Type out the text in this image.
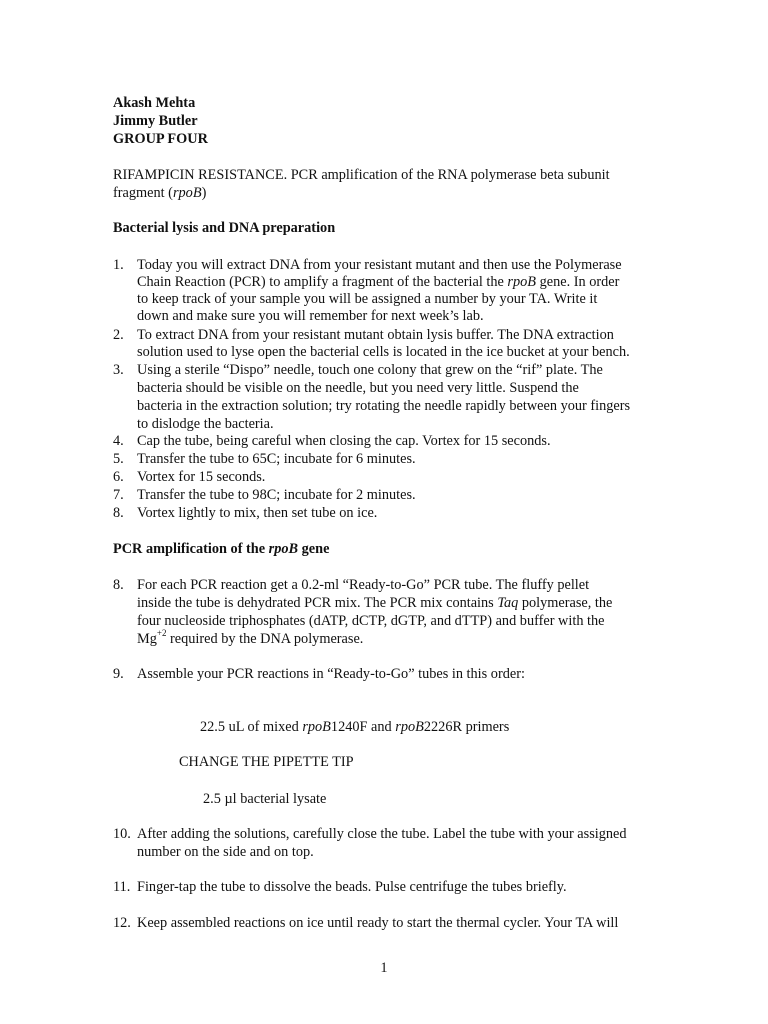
Akash Mehta
Jimmy Butler
GROUP FOUR
RIFAMPICIN RESISTANCE. PCR amplification of the RNA polymerase beta subunit
fragment (rpoB)
Bacterial lysis and DNA preparation
1. Today you will extract DNA from your resistant mutant and then use the Polymerase
Chain Reaction (PCR) to amplify a fragment of the bacterial the rpoB gene. In order
to keep track of your sample you will be assigned a number by your TA. Write it
down and make sure you will remember for next week’s lab.
2. To extract DNA from your resistant mutant obtain lysis buffer. The DNA extraction
solution used to lyse open the bacterial cells is located in the ice bucket at your bench.
3. Using a sterile “Dispo” needle, touch one colony that grew on the “rif” plate. The
bacteria should be visible on the needle, but you need very little. Suspend the
bacteria in the extraction solution; try rotating the needle rapidly between your fingers
to dislodge the bacteria.
4. Cap the tube, being careful when closing the cap. Vortex for 15 seconds.
5. Transfer the tube to 65C; incubate for 6 minutes.
6. Vortex for 15 seconds.
7. Transfer the tube to 98C; incubate for 2 minutes.
8. Vortex lightly to mix, then set tube on ice.
PCR amplification of the rpoB gene
8. For each PCR reaction get a 0.2-ml “Ready-to-Go” PCR tube. The fluffy pellet
inside the tube is dehydrated PCR mix. The PCR mix contains Taq polymerase, the
four nucleoside triphosphates (dATP, dCTP, dGTP, and dTTP) and buffer with the
$Mg^{+2}$ required by the DNA polymerase.
9. Assemble your PCR reactions in “Ready-to-Go” tubes in this order:
22.5 uL of mixed rpoB1240F and rpoB2226R primers
CHANGE THE PIPETTE TIP
2.5 µl bacterial lysate
10. After adding the solutions, carefully close the tube. Label the tube with your assigned
number on the side and on top.
11. Finger-tap the tube to dissolve the beads. Pulse centrifuge the tubes briefly.
12. Keep assembled reactions on ice until ready to start the thermal cycler. Your TA will
1
